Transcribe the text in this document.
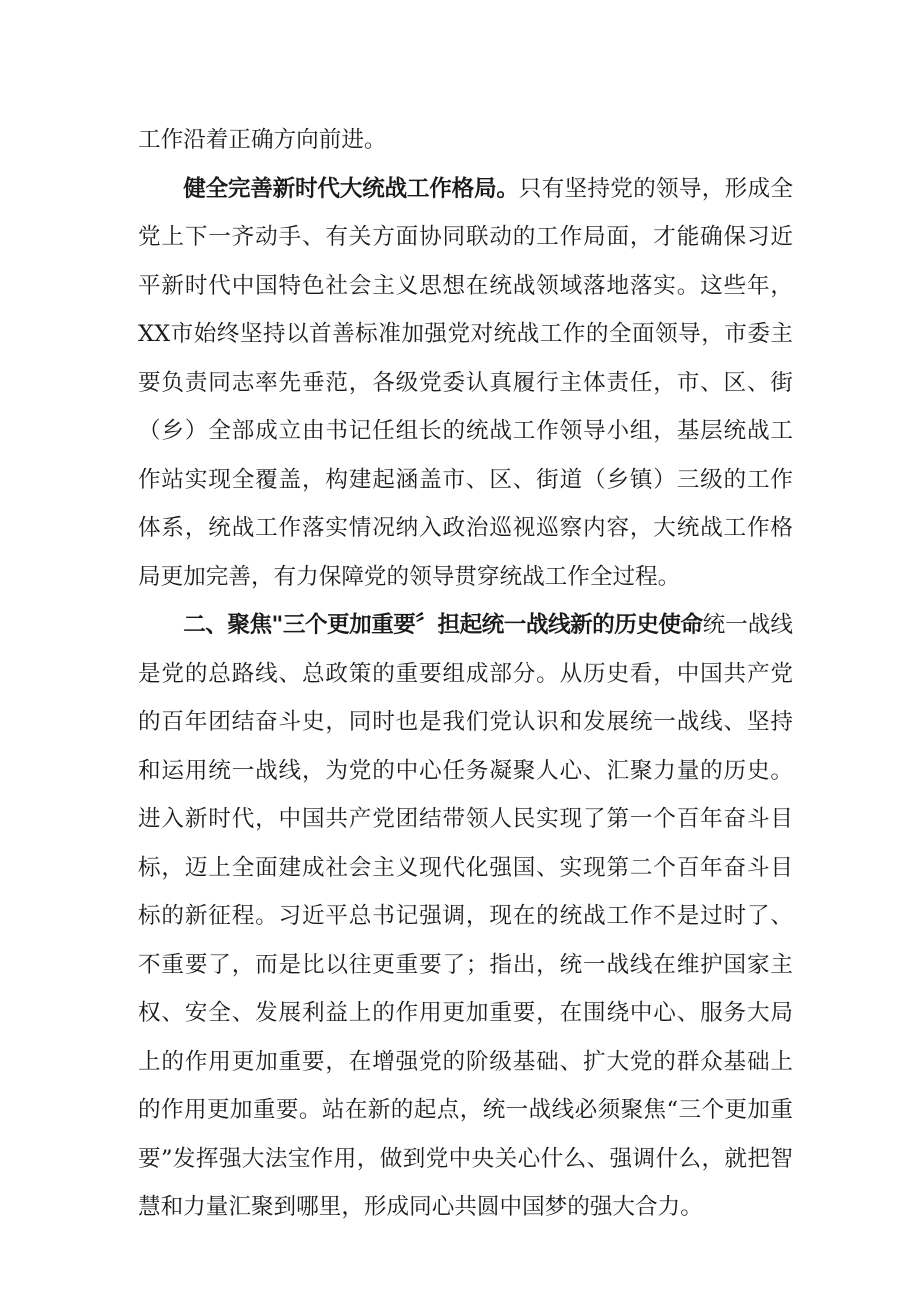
工作沿着正确方向前进。

健全完善新时代大统战工作格局。只有坚持党的领导，形成全党上下一齐动手、有关方面协同联动的工作局面，才能确保习近平新时代中国特色社会主义思想在统战领域落地落实。这些年，XX市始终坚持以首善标准加强党对统战工作的全面领导，市委主要负责同志率先垂范，各级党委认真履行主体责任，市、区、街（乡）全部成立由书记任组长的统战工作领导小组，基层统战工作站实现全覆盖，构建起涵盖市、区、街道（乡镇）三级的工作体系，统战工作落实情况纳入政治巡视巡察内容，大统战工作格局更加完善，有力保障党的领导贯穿统战工作全过程。

二、聚焦"三个更加重要〞担起统一战线新的历史使命统一战线是党的总路线、总政策的重要组成部分。从历史看，中国共产党的百年团结奋斗史，同时也是我们党认识和发展统一战线、坚持和运用统一战线，为党的中心任务凝聚人心、汇聚力量的历史。进入新时代，中国共产党团结带领人民实现了第一个百年奋斗目标，迈上全面建成社会主义现代化强国、实现第二个百年奋斗目标的新征程。习近平总书记强调，现在的统战工作不是过时了、不重要了，而是比以往更重要了；指出，统一战线在维护国家主权、安全、发展利益上的作用更加重要，在围绕中心、服务大局上的作用更加重要，在增强党的阶级基础、扩大党的群众基础上的作用更加重要。站在新的起点，统一战线必须聚焦“三个更加重要”发挥强大法宝作用，做到党中央关心什么、强调什么，就把智慧和力量汇聚到哪里，形成同心共圆中国梦的强大合力。
